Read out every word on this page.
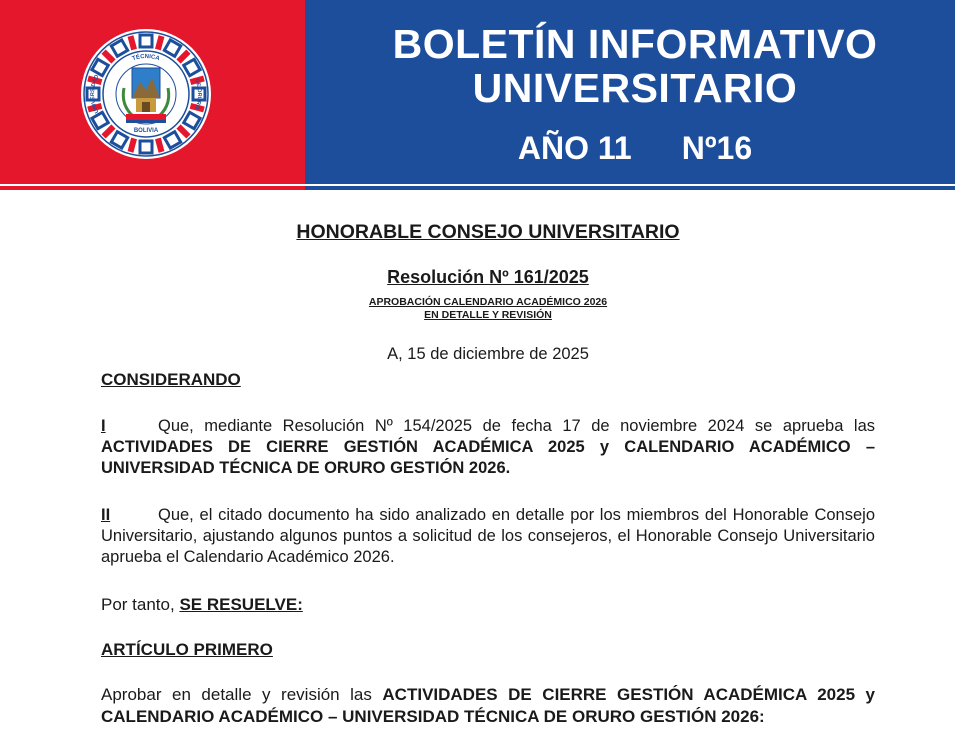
TÉCNICA
UNIVERSIDAD
DE ORURO
BOLIVIA
BOLETÍN INFORMATIVO
UNIVERSITARIO
AÑO 11 Nº16
HONORABLE CONSEJO UNIVERSITARIO
Resolución Nº 161/2025
APROBACIÓN CALENDARIO ACADÉMICO 2026
EN DETALLE Y REVISIÓN
A, 15 de diciembre de 2025
CONSIDERANDO

I	Que, mediante Resolución Nº 154/2025 de fecha 17 de noviembre 2024 se aprueba las ACTIVIDADES DE CIERRE GESTIÓN ACADÉMICA 2025 y CALENDARIO ACADÉMICO – UNIVERSIDAD TÉCNICA DE ORURO GESTIÓN 2026.

II	Que, el citado documento ha sido analizado en detalle por los miembros del Honorable Consejo Universitario, ajustando algunos puntos a solicitud de los consejeros, el Honorable Consejo Universitario aprueba el Calendario Académico 2026.

Por tanto, SE RESUELVE:

ARTÍCULO PRIMERO

Aprobar en detalle y revisión las ACTIVIDADES DE CIERRE GESTIÓN ACADÉMICA 2025 y CALENDARIO ACADÉMICO – UNIVERSIDAD TÉCNICA DE ORURO GESTIÓN 2026:
